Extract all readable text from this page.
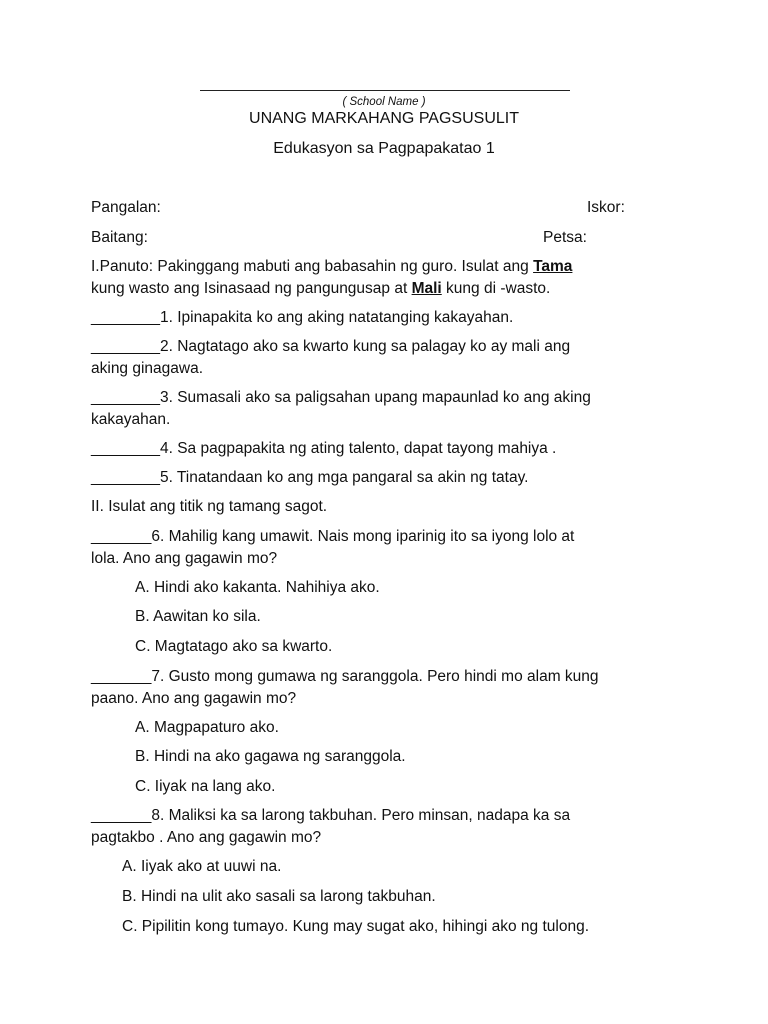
( School Name )
UNANG MARKAHANG PAGSUSULIT
Edukasyon sa Pagpapakatao 1
Pangalan:	Iskor:
Baitang:	Petsa:
I.Panuto: Pakinggang mabuti ang babasahin ng guro. Isulat ang Tama
kung wasto ang Isinasaad ng pangungusap at Mali kung di -wasto.
________1. Ipinapakita ko ang aking natatanging kakayahan.
________2. Nagtatago ako sa kwarto kung sa palagay ko ay mali ang
aking ginagawa.
________3. Sumasali ako sa paligsahan upang mapaunlad ko ang aking
kakayahan.
________4. Sa pagpapakita ng ating talento, dapat tayong mahiya .
________5. Tinatandaan ko ang mga pangaral sa akin ng tatay.
II. Isulat ang titik ng tamang sagot.
_______6. Mahilig kang umawit. Nais mong iparinig ito sa iyong lolo at
lola. Ano ang gagawin mo?
A. Hindi ako kakanta. Nahihiya ako.
B. Aawitan ko sila.
C. Magtatago ako sa kwarto.
_______7. Gusto mong gumawa ng saranggola. Pero hindi mo alam kung
paano. Ano ang gagawin mo?
A. Magpapaturo ako.
B. Hindi na ako gagawa ng saranggola.
C. Iiyak na lang ako.
_______8. Maliksi ka sa larong takbuhan. Pero minsan, nadapa ka sa
pagtakbo . Ano ang gagawin mo?
A. Iiyak ako at uuwi na.
B. Hindi na ulit ako sasali sa larong takbuhan.
C. Pipilitin kong tumayo. Kung may sugat ako, hihingi ako ng tulong.
